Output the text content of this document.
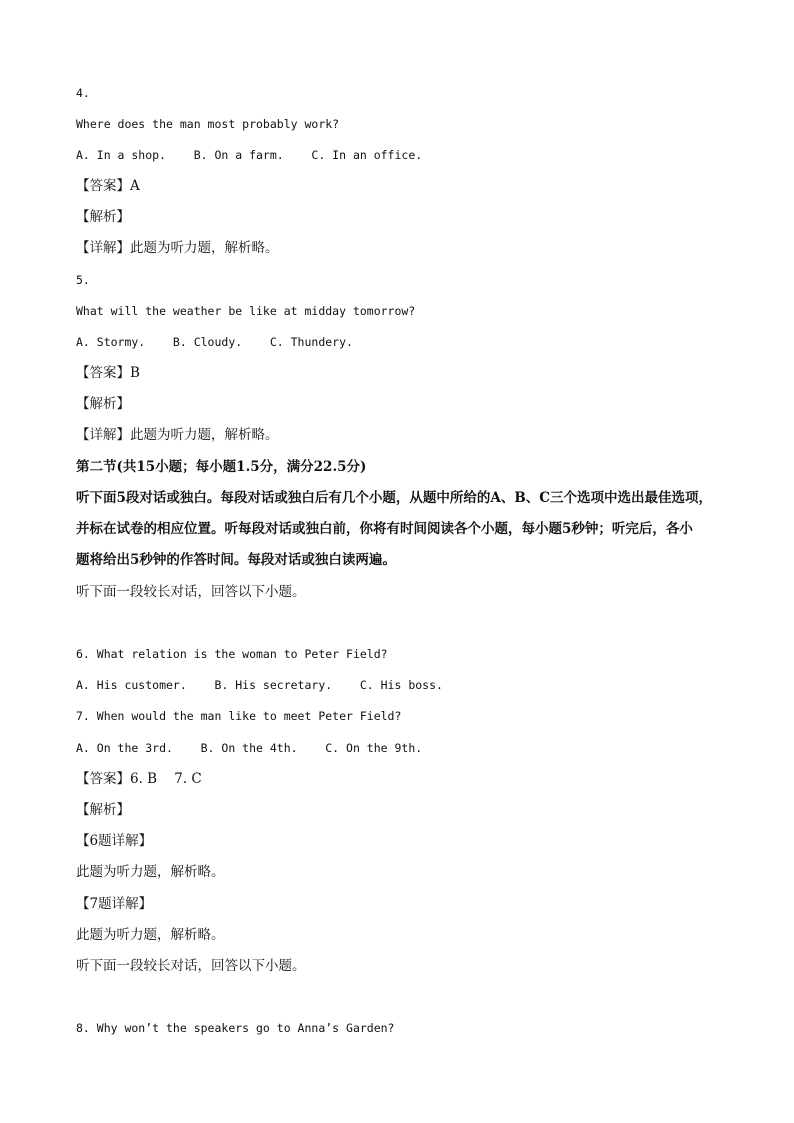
4.
Where does the man most probably work?
A. In a shop.    B. On a farm.    C. In an office.
【答案】A
【解析】
【详解】此题为听力题，解析略。
5.
What will the weather be like at midday tomorrow?
A. Stormy.    B. Cloudy.    C. Thundery.
【答案】B
【解析】
【详解】此题为听力题，解析略。
第二节(共15小题；每小题1.5分，满分22.5分)
听下面5段对话或独白。每段对话或独白后有几个小题，从题中所给的A、B、C三个选项中选出最佳选项，
并标在试卷的相应位置。听每段对话或独白前，你将有时间阅读各个小题，每小题5秒钟；听完后，各小
题将给出5秒钟的作答时间。每段对话或独白读两遍。
听下面一段较长对话，回答以下小题。
6. What relation is the woman to Peter Field?
A. His customer.    B. His secretary.    C. His boss.
7. When would the man like to meet Peter Field?
A. On the 3rd.    B. On the 4th.    C. On the 9th.
【答案】6. B    7. C
【解析】
【6题详解】
此题为听力题，解析略。
【7题详解】
此题为听力题，解析略。
听下面一段较长对话，回答以下小题。
8. Why won’t the speakers go to Anna’s Garden?
